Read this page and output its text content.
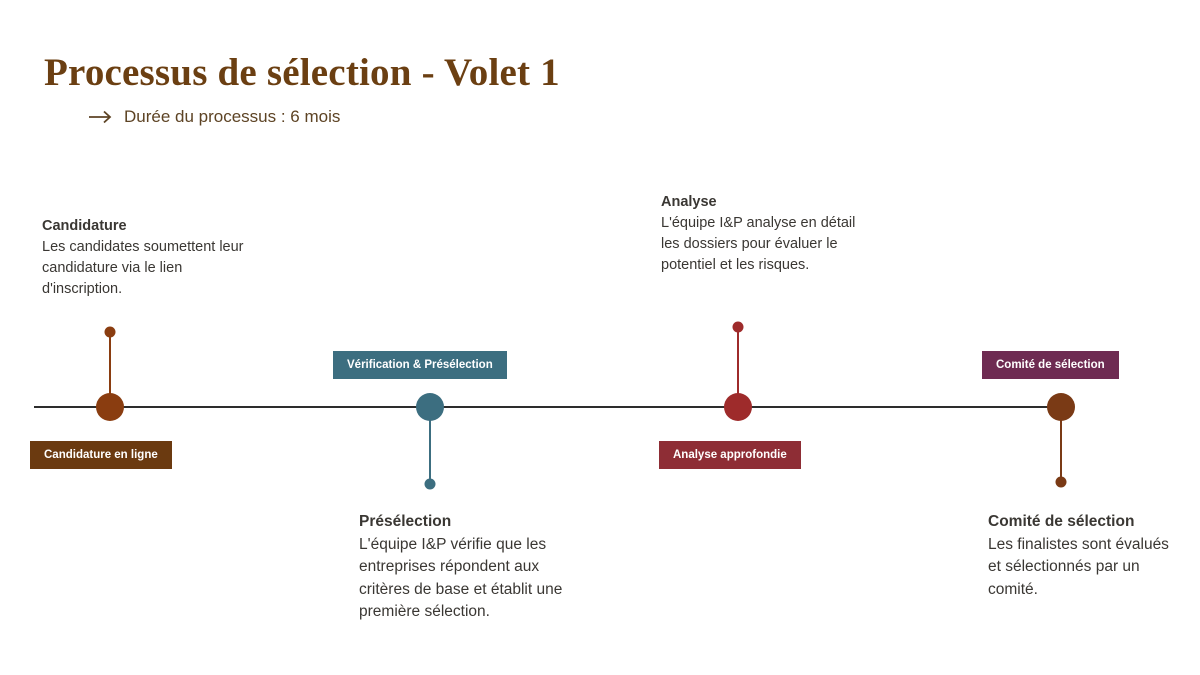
Processus de sélection - Volet 1
Durée du processus : 6 mois
Candidature en ligne
Candidature
Les candidates soumettent leur candidature via le lien d'inscription.
Vérification & Présélection
Présélection
L'équipe I&P vérifie que les entreprises répondent aux critères de base et établit une première sélection.
Analyse approfondie
Analyse
L'équipe I&P analyse en détail les dossiers pour évaluer le potentiel et les risques.
Comité de sélection
Comité de sélection
Les finalistes sont évalués et sélectionnés par un comité.
